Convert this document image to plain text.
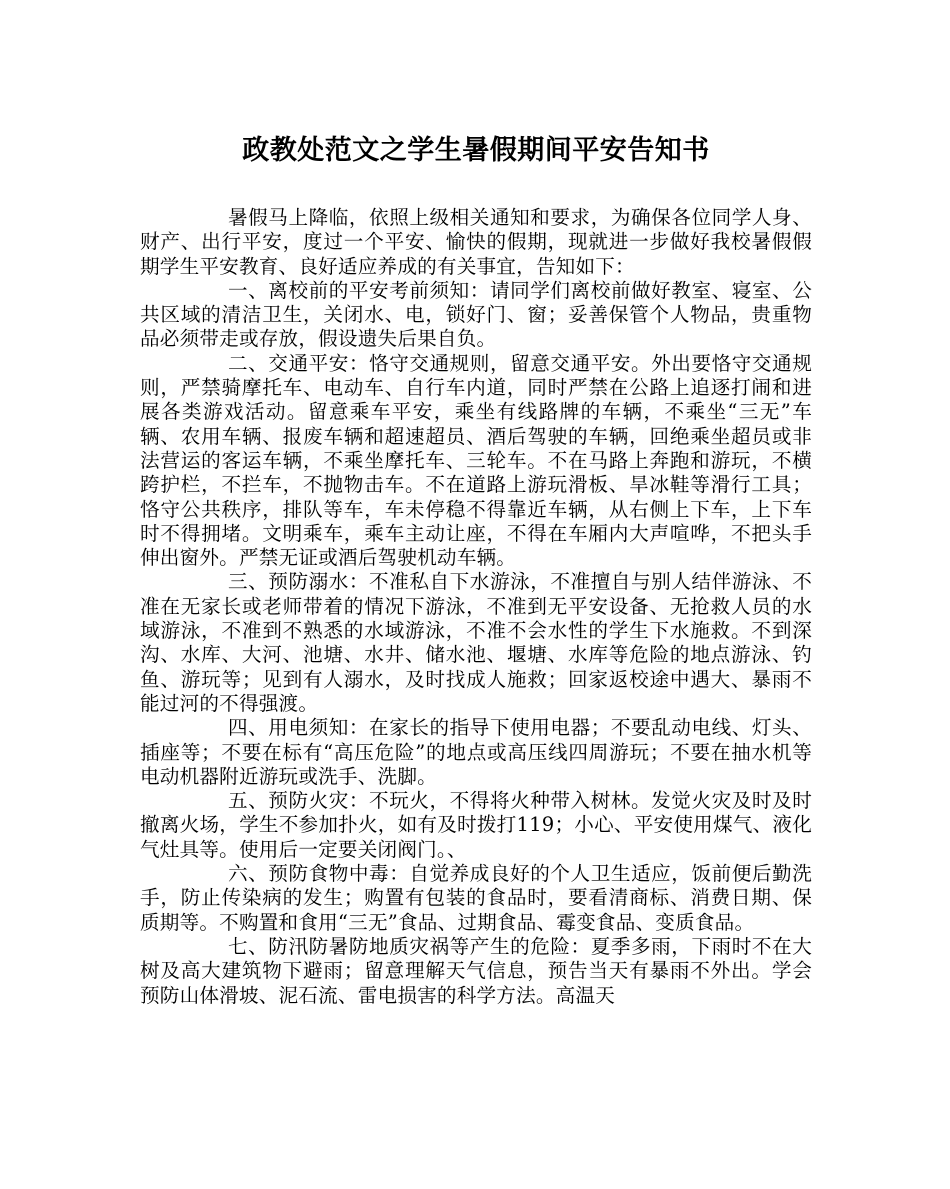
政教处范文之学生暑假期间平安告知书

暑假马上降临，依照上级相关通知和要求，为确保各位同学人身、财产、出行平安，度过一个平安、愉快的假期，现就进一步做好我校暑假假期学生平安教育、良好适应养成的有关事宜，告知如下：

一、离校前的平安考前须知：请同学们离校前做好教室、寝室、公共区域的清洁卫生，关闭水、电，锁好门、窗；妥善保管个人物品，贵重物品必须带走或存放，假设遗失后果自负。

二、交通平安：恪守交通规则，留意交通平安。外出要恪守交通规则，严禁骑摩托车、电动车、自行车内道，同时严禁在公路上追逐打闹和进展各类游戏活动。留意乘车平安，乘坐有线路牌的车辆，不乘坐“三无”车辆、农用车辆、报废车辆和超速超员、酒后驾驶的车辆，回绝乘坐超员或非法营运的客运车辆，不乘坐摩托车、三轮车。不在马路上奔跑和游玩，不横跨护栏，不拦车，不抛物击车。不在道路上游玩滑板、旱冰鞋等滑行工具；恪守公共秩序，排队等车，车未停稳不得靠近车辆，从右侧上下车，上下车时不得拥堵。文明乘车，乘车主动让座，不得在车厢内大声喧哗，不把头手伸出窗外。严禁无证或酒后驾驶机动车辆。

三、预防溺水：不准私自下水游泳，不准擅自与别人结伴游泳、不准在无家长或老师带着的情况下游泳，不准到无平安设备、无抢救人员的水域游泳，不准到不熟悉的水域游泳，不准不会水性的学生下水施救。不到深沟、水库、大河、池塘、水井、储水池、堰塘、水库等危险的地点游泳、钓鱼、游玩等；见到有人溺水，及时找成人施救；回家返校途中遇大、暴雨不能过河的不得强渡。

四、用电须知：在家长的指导下使用电器；不要乱动电线、灯头、插座等；不要在标有“高压危险”的地点或高压线四周游玩；不要在抽水机等电动机器附近游玩或洗手、洗脚。

五、预防火灾：不玩火，不得将火种带入树林。发觉火灾及时及时撤离火场，学生不参加扑火，如有及时拨打119；小心、平安使用煤气、液化气灶具等。使用后一定要关闭阀门。、

六、预防食物中毒：自觉养成良好的个人卫生适应，饭前便后勤洗手，防止传染病的发生；购置有包装的食品时，要看清商标、消费日期、保质期等。不购置和食用“三无”食品、过期食品、霉变食品、变质食品。

七、防汛防暑防地质灾祸等产生的危险：夏季多雨，下雨时不在大树及高大建筑物下避雨；留意理解天气信息，预告当天有暴雨不外出。学会预防山体滑坡、泥石流、雷电损害的科学方法。高温天
